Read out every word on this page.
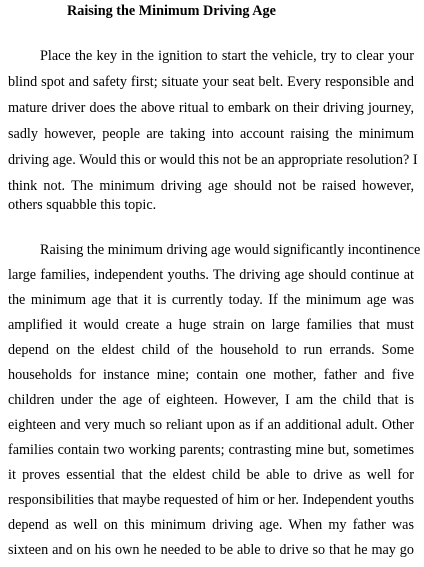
Raising the Minimum Driving Age
Place the key in the ignition to start the vehicle, try to clear your
blind spot and safety first; situate your seat belt. Every responsible and
mature driver does the above ritual to embark on their driving journey,
sadly however, people are taking into account raising the minimum
driving age. Would this or would this not be an appropriate resolution? I
think not. The minimum driving age should not be raised however,
others squabble this topic.
Raising the minimum driving age would significantly incontinence
large families, independent youths. The driving age should continue at
the minimum age that it is currently today. If the minimum age was
amplified it would create a huge strain on large families that must
depend on the eldest child of the household to run errands. Some
households for instance mine; contain one mother, father and five
children under the age of eighteen. However, I am the child that is
eighteen and very much so reliant upon as if an additional adult. Other
families contain two working parents; contrasting mine but, sometimes
it proves essential that the eldest child be able to drive as well for
responsibilities that maybe requested of him or her. Independent youths
depend as well on this minimum driving age. When my father was
sixteen and on his own he needed to be able to drive so that he may go
